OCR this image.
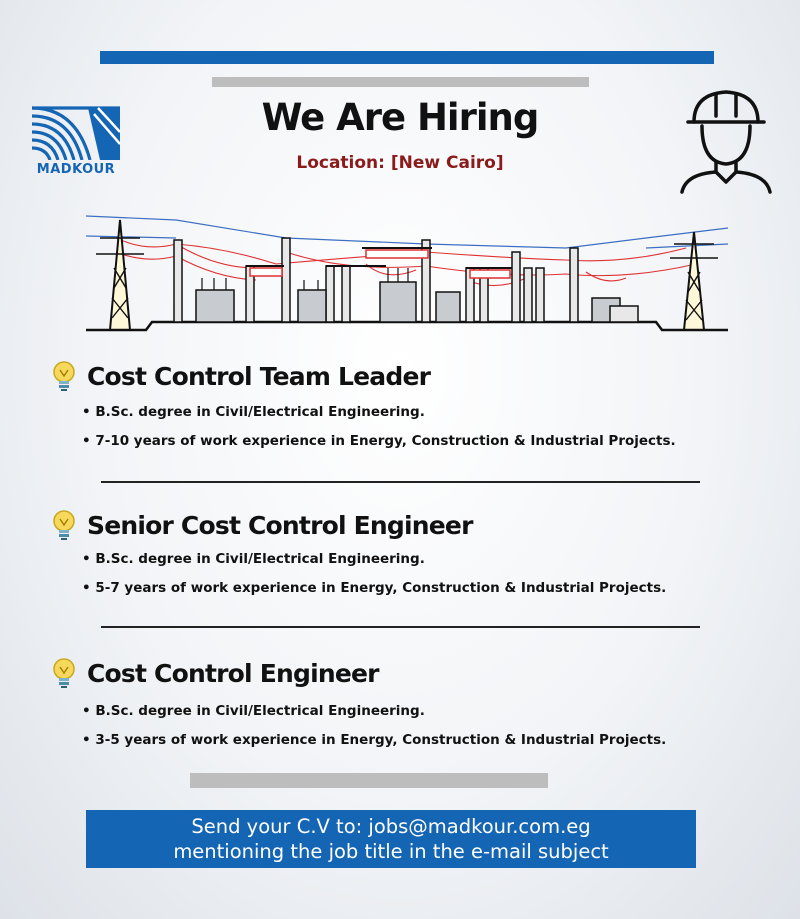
MADKOUR
We Are Hiring
Location: [New Cairo]
Cost Control Team Leader
• B.Sc. degree in Civil/Electrical Engineering.
• 7-10 years of work experience in Energy, Construction & Industrial Projects.
Senior Cost Control Engineer
• B.Sc. degree in Civil/Electrical Engineering.
• 5-7 years of work experience in Energy, Construction & Industrial Projects.
Cost Control Engineer
• B.Sc. degree in Civil/Electrical Engineering.
• 3-5 years of work experience in Energy, Construction & Industrial Projects.
Send your C.V to: jobs@madkour.com.eg
mentioning the job title in the e-mail subject
